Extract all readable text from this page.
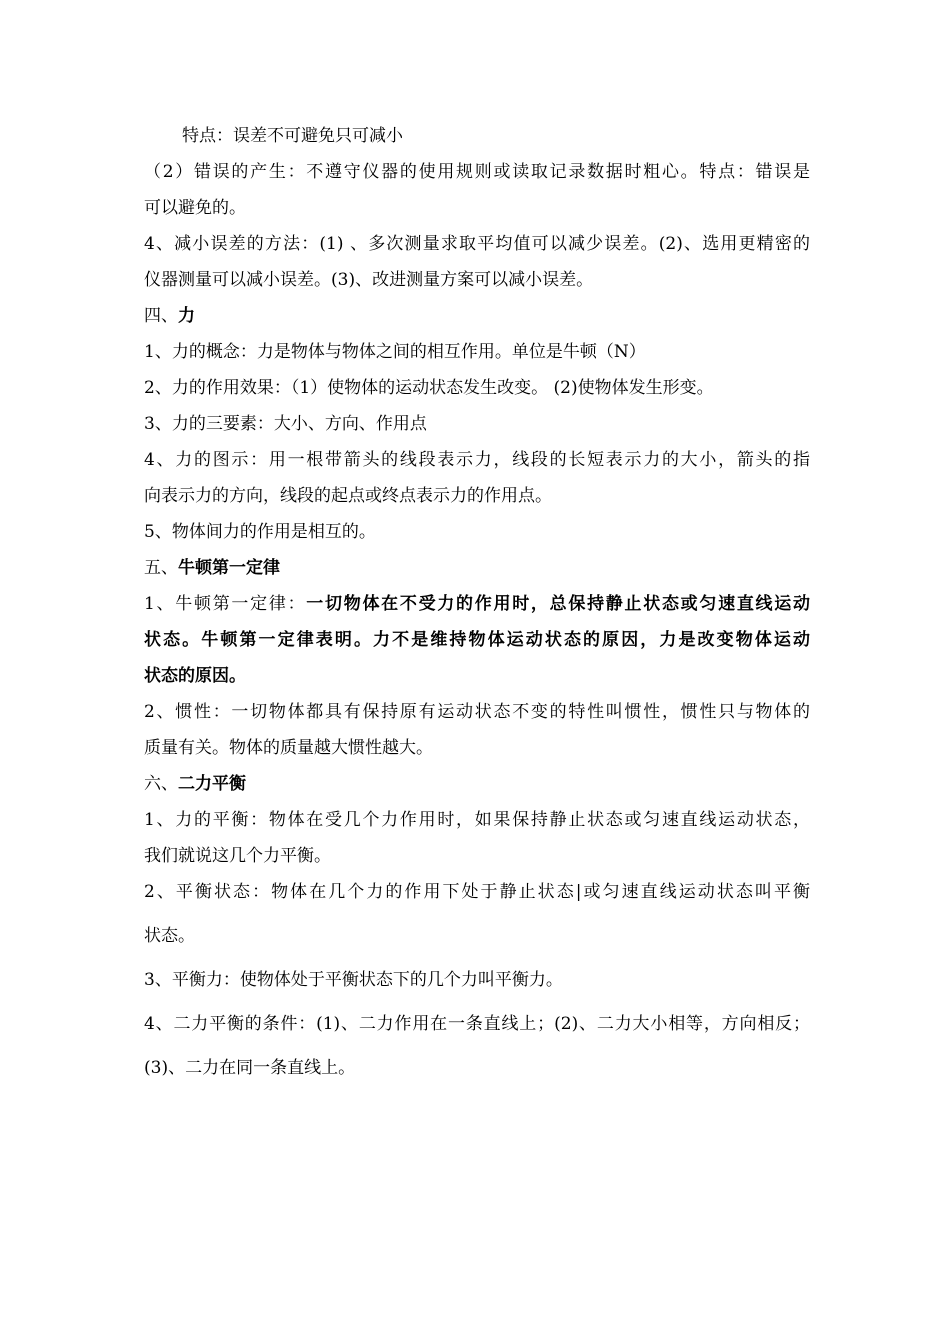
特点：误差不可避免只可减小
（2）错误的产生：不遵守仪器的使用规则或读取记录数据时粗心。特点：错误是
可以避免的。
4、减小误差的方法：(1) 、多次测量求取平均值可以减少误差。(2)、选用更精密的
仪器测量可以减小误差。(3)、改进测量方案可以减小误差。
四、力
1、力的概念：力是物体与物体之间的相互作用。单位是牛顿（N）
2、力的作用效果：（1）使物体的运动状态发生改变。 (2)使物体发生形变。
3、力的三要素：大小、方向、作用点
4、力的图示：用一根带箭头的线段表示力，线段的长短表示力的大小，箭头的指
向表示力的方向，线段的起点或终点表示力的作用点。
5、物体间力的作用是相互的。
五、牛顿第一定律
1、牛顿第一定律：一切物体在不受力的作用时，总保持静止状态或匀速直线运动
状态。牛顿第一定律表明。力不是维持物体运动状态的原因，力是改变物体运动
状态的原因。
2、惯性：一切物体都具有保持原有运动状态不变的特性叫惯性，惯性只与物体的
质量有关。物体的质量越大惯性越大。
六、二力平衡
1、力的平衡：物体在受几个力作用时，如果保持静止状态或匀速直线运动状态，
我们就说这几个力平衡。
2、平衡状态：物体在几个力的作用下处于静止状态|或匀速直线运动状态叫平衡
状态。
3、平衡力：使物体处于平衡状态下的几个力叫平衡力。
4、二力平衡的条件：(1)、二力作用在一条直线上；(2)、二力大小相等，方向相反；
(3)、二力在同一条直线上。
